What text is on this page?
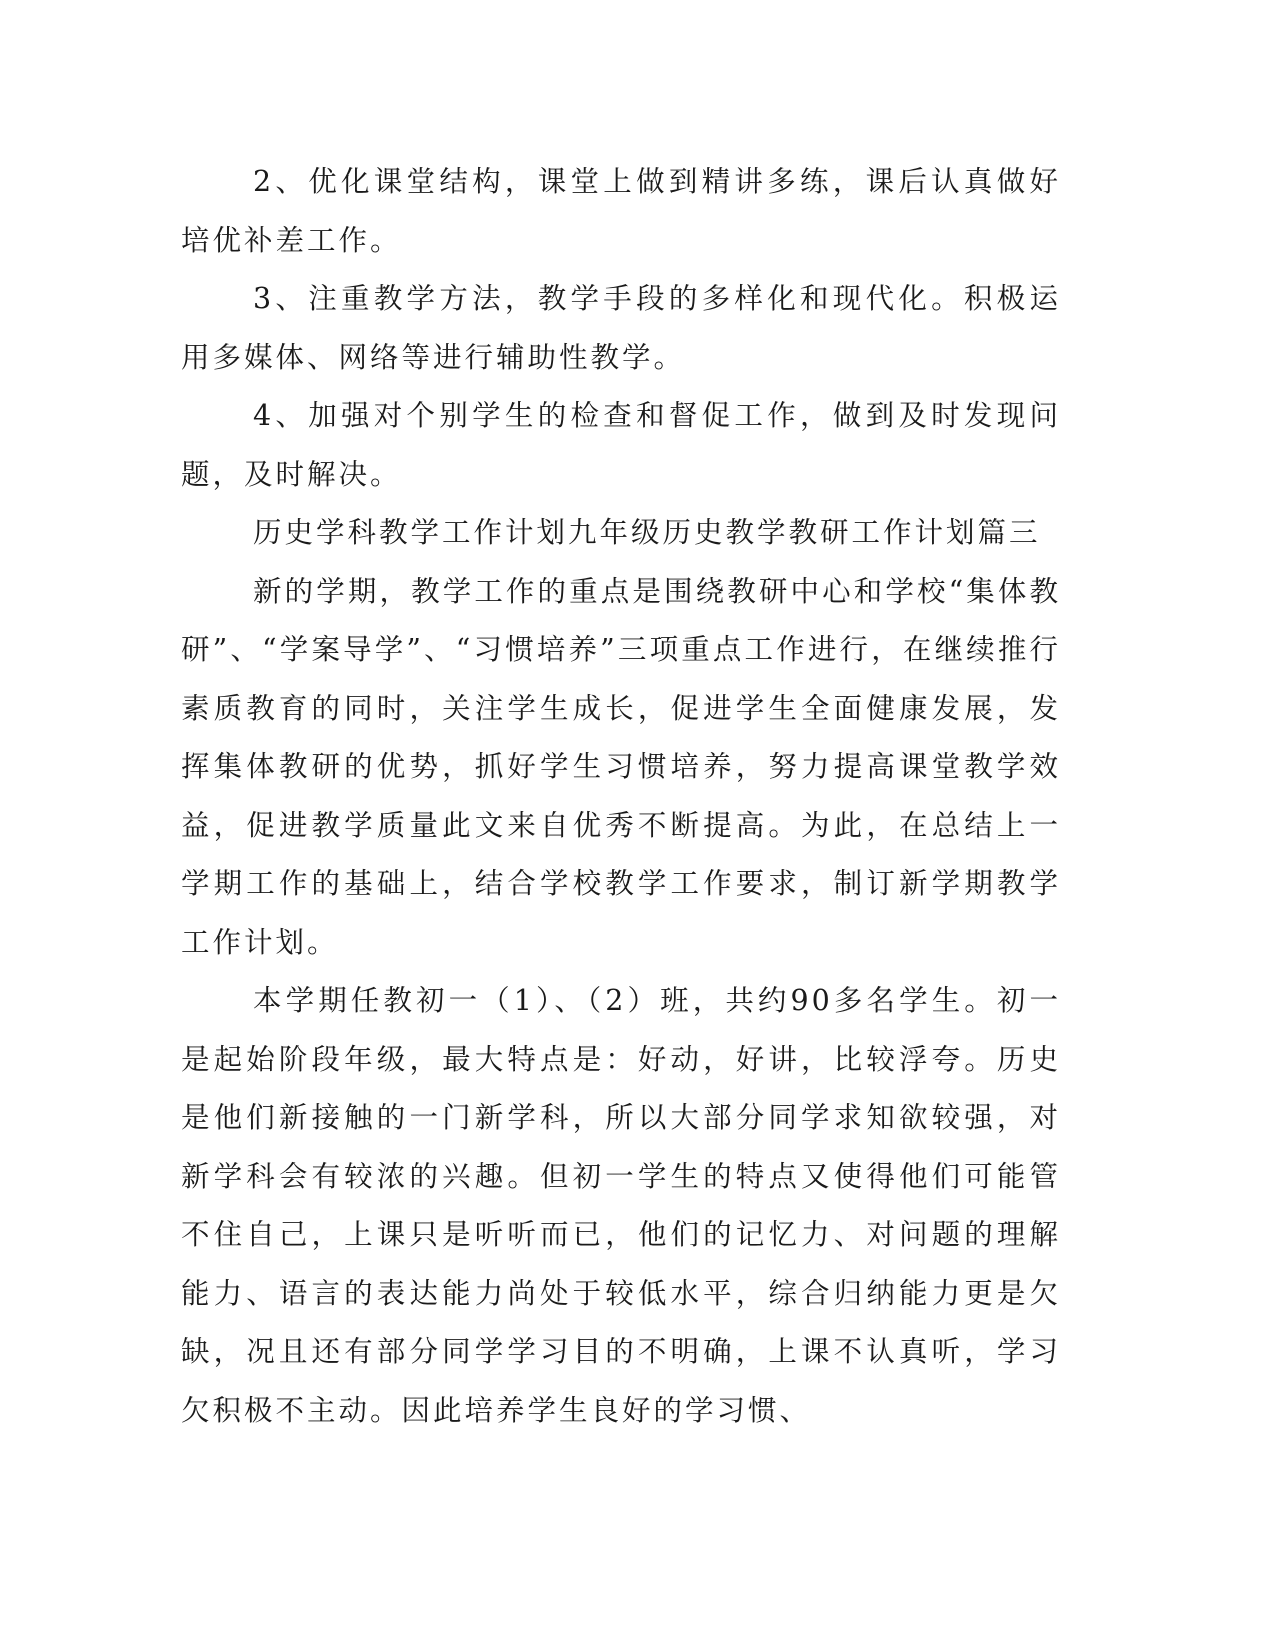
2、优化课堂结构，课堂上做到精讲多练，课后认真做好培优补差工作。

3、注重教学方法，教学手段的多样化和现代化。积极运用多媒体、网络等进行辅助性教学。

4、加强对个别学生的检查和督促工作，做到及时发现问题，及时解决。

历史学科教学工作计划九年级历史教学教研工作计划篇三

新的学期，教学工作的重点是围绕教研中心和学校“集体教研”、“学案导学”、“习惯培养”三项重点工作进行，在继续推行素质教育的同时，关注学生成长，促进学生全面健康发展，发挥集体教研的优势，抓好学生习惯培养，努力提高课堂教学效益，促进教学质量此文来自优秀不断提高。为此，在总结上一学期工作的基础上，结合学校教学工作要求，制订新学期教学工作计划。

本学期任教初一（1）、（2）班，共约90多名学生。初一是起始阶段年级，最大特点是：好动，好讲，比较浮夸。历史是他们新接触的一门新学科，所以大部分同学求知欲较强，对新学科会有较浓的兴趣。但初一学生的特点又使得他们可能管不住自己，上课只是听听而已，他们的记忆力、对问题的理解能力、语言的表达能力尚处于较低水平，综合归纳能力更是欠缺，况且还有部分同学学习目的不明确，上课不认真听，学习欠积极不主动。因此培养学生良好的学习惯、
